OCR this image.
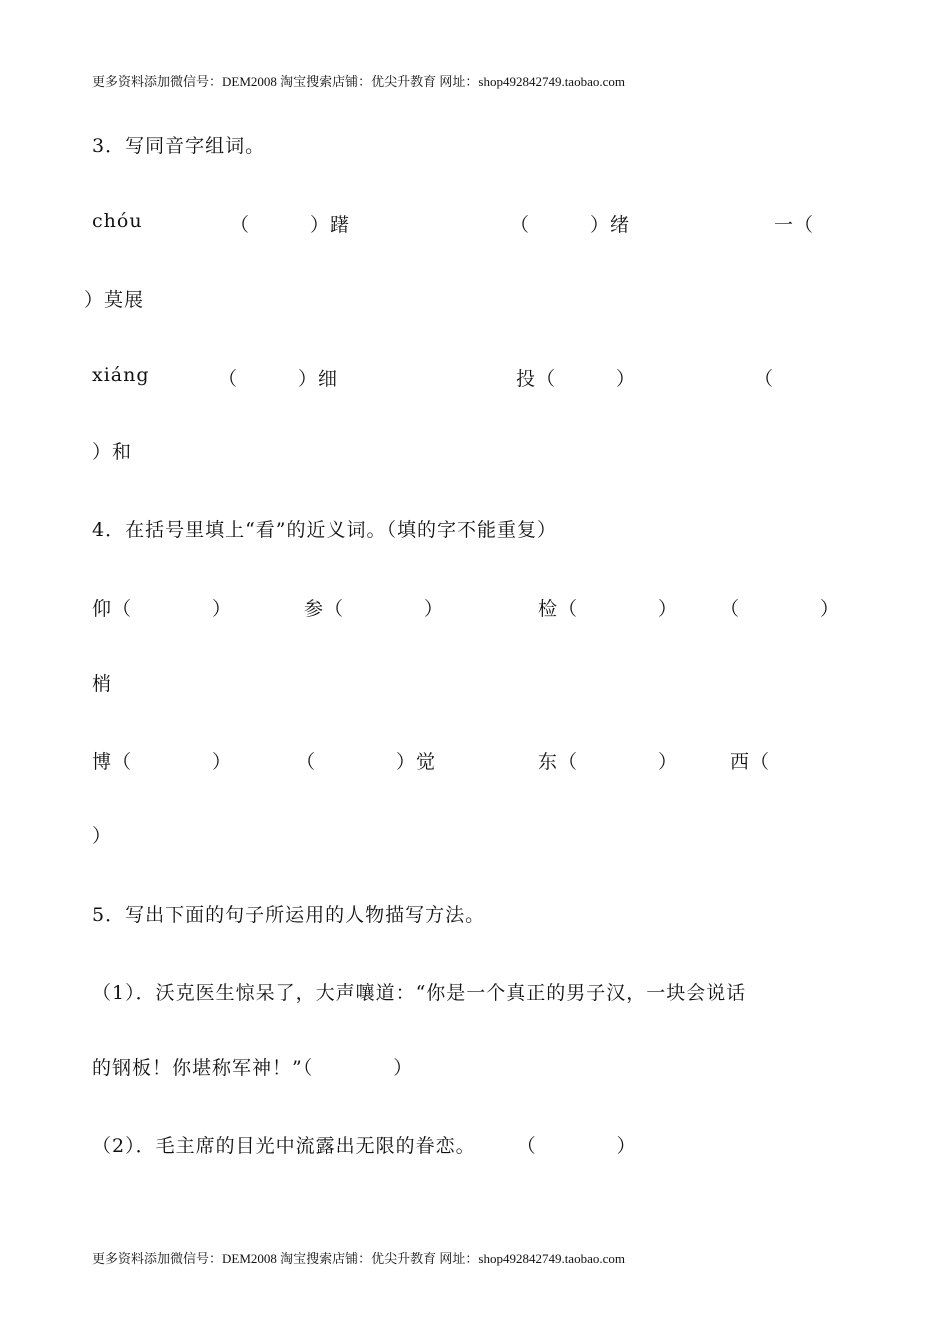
更多资料添加微信号：DEM2008 淘宝搜索店铺：优尖升教育 网址：shop492842749.taobao.com
3．写同音字组词。
chóu	（　　　）躇	（　　　）绪	一（
）莫展
xiáng	（　　　）细	投（　　　）	（
）和
4．在括号里填上“看”的近义词。（填的字不能重复）
仰（　　　　）	参（　　　　）	检（　　　　） （　　　　）
梢
博（　　　　）	（　　　　）觉	东（　　　　）	西（
）
5．写出下面的句子所运用的人物描写方法。
（1）．沃克医生惊呆了，大声嚷道：“你是一个真正的男子汉，一块会说话
的钢板！你堪称军神！”（　　　　）
（2）．毛主席的目光中流露出无限的眷恋。　　　（　　　　）
更多资料添加微信号：DEM2008 淘宝搜索店铺：优尖升教育 网址：shop492842749.taobao.com
